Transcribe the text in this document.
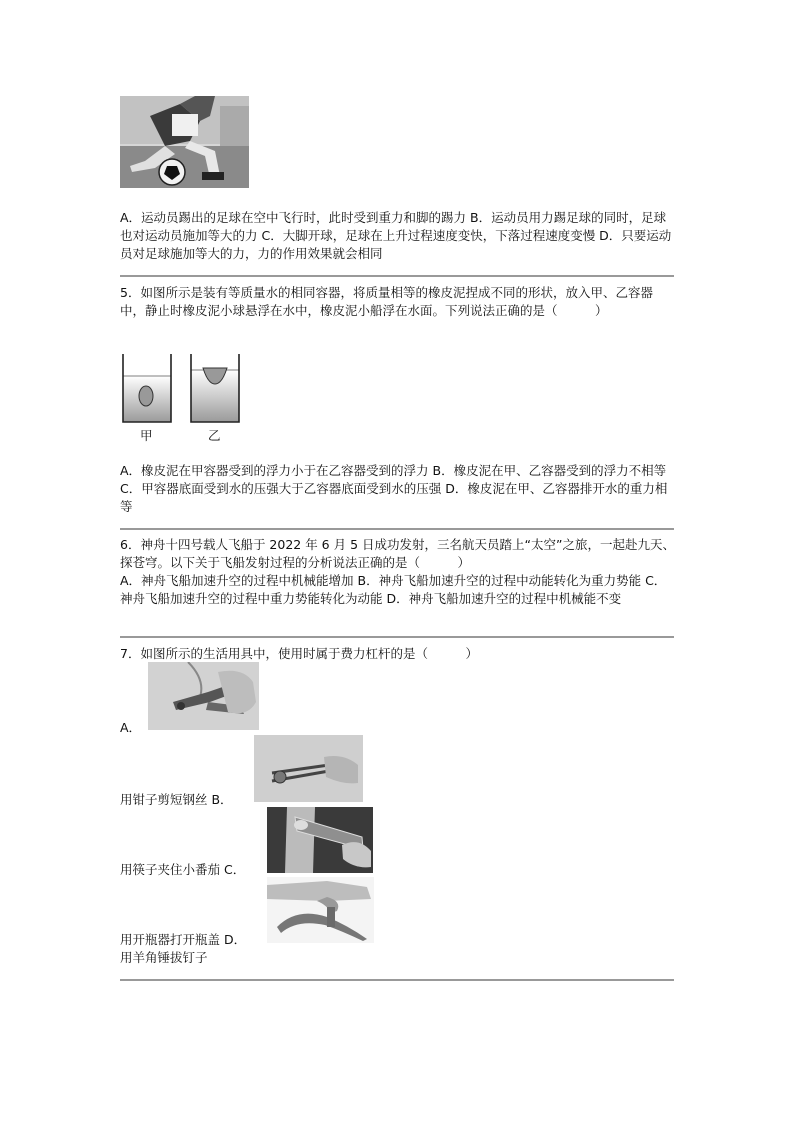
A．运动员踢出的足球在空中飞行时，此时受到重力和脚的踢力 B．运动员用力踢足球的同时，足球也对运动员施加等大的力 C．大脚开球，足球在上升过程速度变快，下落过程速度变慢 D．只要运动员对足球施加等大的力，力的作用效果就会相同
5．如图所示是装有等质量水的相同容器，将质量相等的橡皮泥捏成不同的形状，放入甲、乙容器中，静止时橡皮泥小球悬浮在水中，橡皮泥小船浮在水面。下列说法正确的是（　　　）
甲	乙
A．橡皮泥在甲容器受到的浮力小于在乙容器受到的浮力 B．橡皮泥在甲、乙容器受到的浮力不相等 C．甲容器底面受到水的压强大于乙容器底面受到水的压强 D．橡皮泥在甲、乙容器排开水的重力相等
6．神舟十四号载人飞船于 2022 年 6 月 5 日成功发射，三名航天员踏上“太空”之旅，一起赴九天、探苍穹。以下关于飞船发射过程的分析说法正确的是（　　　）
A．神舟飞船加速升空的过程中机械能增加 B．神舟飞船加速升空的过程中动能转化为重力势能 C．神舟飞船加速升空的过程中重力势能转化为动能 D．神舟飞船加速升空的过程中机械能不变
7．如图所示的生活用具中，使用时属于费力杠杆的是（　　　）
A．
用钳子剪短钢丝 B．
用筷子夹住小番茄 C．
用开瓶器打开瓶盖 D．
用羊角锤拔钉子
